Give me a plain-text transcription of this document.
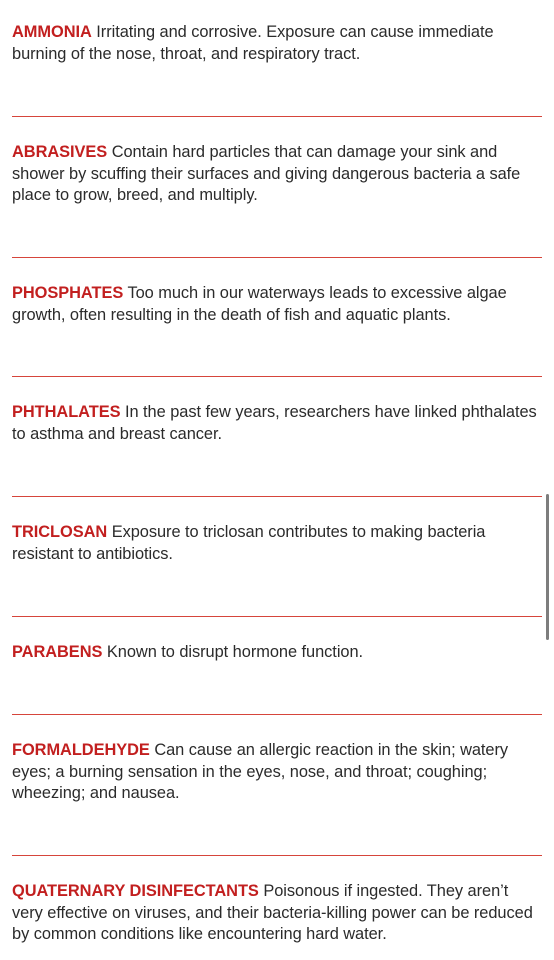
AMMONIA Irritating and corrosive. Exposure can cause immediate burning of the nose, throat, and respiratory tract.
ABRASIVES Contain hard particles that can damage your sink and shower by scuffing their surfaces and giving dangerous bacteria a safe place to grow, breed, and multiply.
PHOSPHATES Too much in our waterways leads to excessive algae growth, often resulting in the death of fish and aquatic plants.
PHTHALATES In the past few years, researchers have linked phthalates to asthma and breast cancer.
TRICLOSAN Exposure to triclosan contributes to making bacteria resistant to antibiotics.
PARABENS Known to disrupt hormone function.
FORMALDEHYDE Can cause an allergic reaction in the skin; watery eyes; a burning sensation in the eyes, nose, and throat; coughing; wheezing; and nausea.
QUATERNARY DISINFECTANTS Poisonous if ingested. They aren’t very effective on viruses, and their bacteria-killing power can be reduced by common conditions like encountering hard water.
